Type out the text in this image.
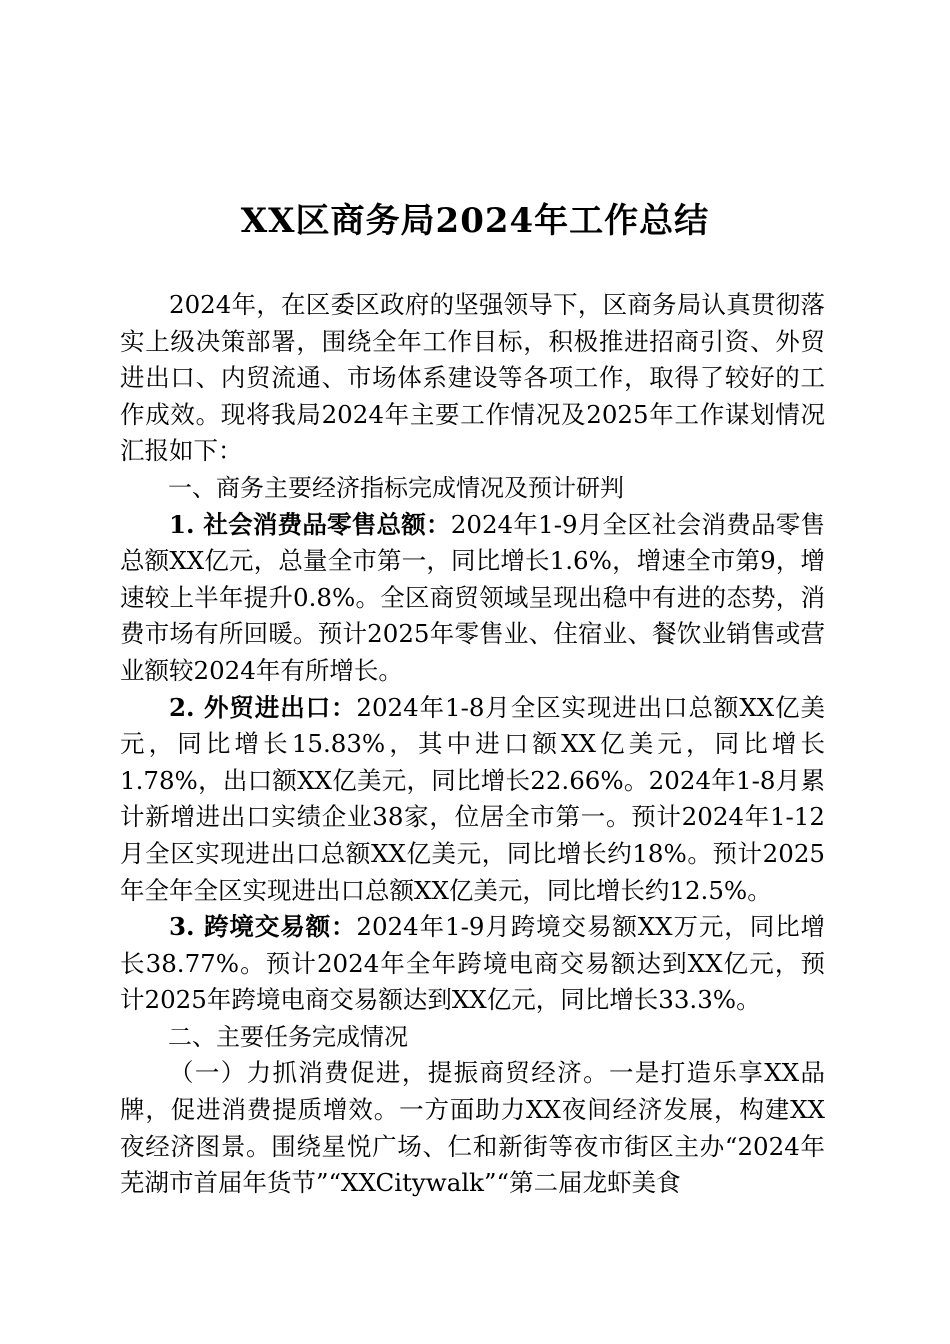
XX区商务局2024年工作总结

2024年，在区委区政府的坚强领导下，区商务局认真贯彻落实上级决策部署，围绕全年工作目标，积极推进招商引资、外贸进出口、内贸流通、市场体系建设等各项工作，取得了较好的工作成效。现将我局2024年主要工作情况及2025年工作谋划情况汇报如下：

一、商务主要经济指标完成情况及预计研判

1. 社会消费品零售总额：2024年1-9月全区社会消费品零售总额XX亿元，总量全市第一，同比增长1.6%，增速全市第9，增速较上半年提升0.8%。全区商贸领域呈现出稳中有进的态势，消费市场有所回暖。预计2025年零售业、住宿业、餐饮业销售或营业额较2024年有所增长。

2. 外贸进出口：2024年1-8月全区实现进出口总额XX亿美元，同比增长15.83%，其中进口额XX亿美元，同比增长1.78%，出口额XX亿美元，同比增长22.66%。2024年1-8月累计新增进出口实绩企业38家，位居全市第一。预计2024年1-12月全区实现进出口总额XX亿美元，同比增长约18%。预计2025年全年全区实现进出口总额XX亿美元，同比增长约12.5%。

3. 跨境交易额：2024年1-9月跨境交易额XX万元，同比增长38.77%。预计2024年全年跨境电商交易额达到XX亿元，预计2025年跨境电商交易额达到XX亿元，同比增长33.3%。

二、主要任务完成情况

（一）力抓消费促进，提振商贸经济。一是打造乐享XX品牌，促进消费提质增效。一方面助力XX夜间经济发展，构建XX夜经济图景。围绕星悦广场、仁和新街等夜市街区主办“2024年芜湖市首届年货节”“XXCitywalk”“第二届龙虾美食
